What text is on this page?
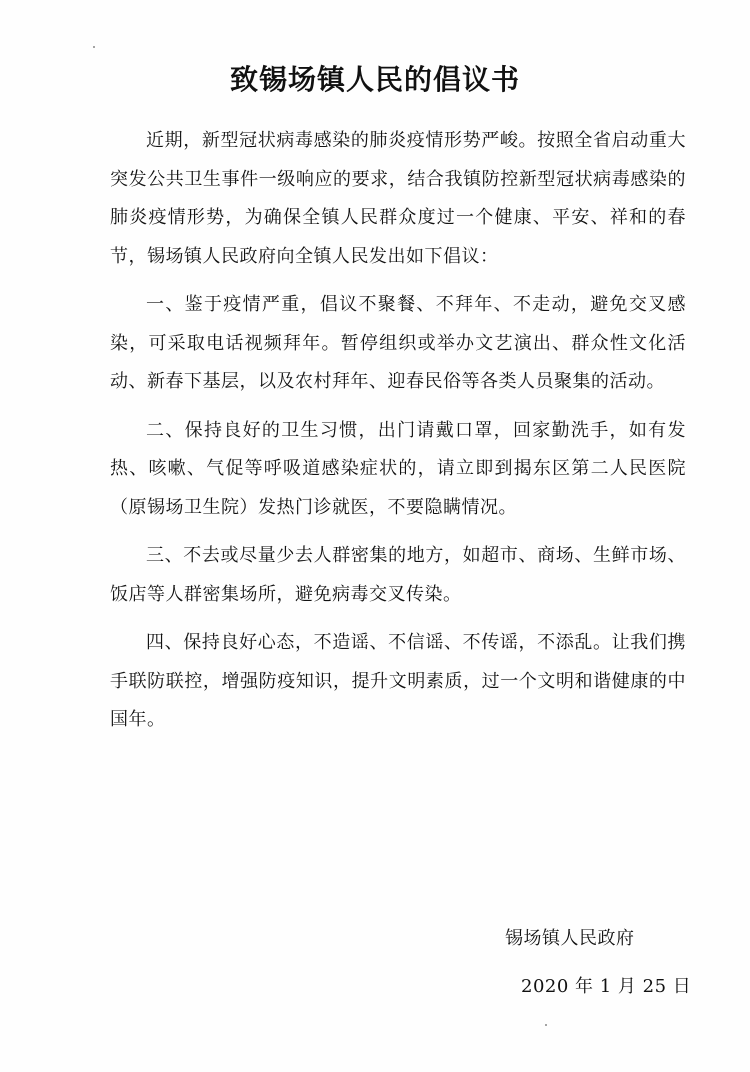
致锡场镇人民的倡议书

近期，新型冠状病毒感染的肺炎疫情形势严峻。按照全省启动重大突发公共卫生事件一级响应的要求，结合我镇防控新型冠状病毒感染的肺炎疫情形势，为确保全镇人民群众度过一个健康、平安、祥和的春节，锡场镇人民政府向全镇人民发出如下倡议：

一、鉴于疫情严重，倡议不聚餐、不拜年、不走动，避免交叉感染，可采取电话视频拜年。暂停组织或举办文艺演出、群众性文化活动、新春下基层，以及农村拜年、迎春民俗等各类人员聚集的活动。

二、保持良好的卫生习惯，出门请戴口罩，回家勤洗手，如有发热、咳嗽、气促等呼吸道感染症状的，请立即到揭东区第二人民医院（原锡场卫生院）发热门诊就医，不要隐瞒情况。

三、不去或尽量少去人群密集的地方，如超市、商场、生鲜市场、饭店等人群密集场所，避免病毒交叉传染。

四、保持良好心态，不造谣、不信谣、不传谣，不添乱。让我们携手联防联控，增强防疫知识，提升文明素质，过一个文明和谐健康的中国年。

锡场镇人民政府

2020 年 1 月 25 日
